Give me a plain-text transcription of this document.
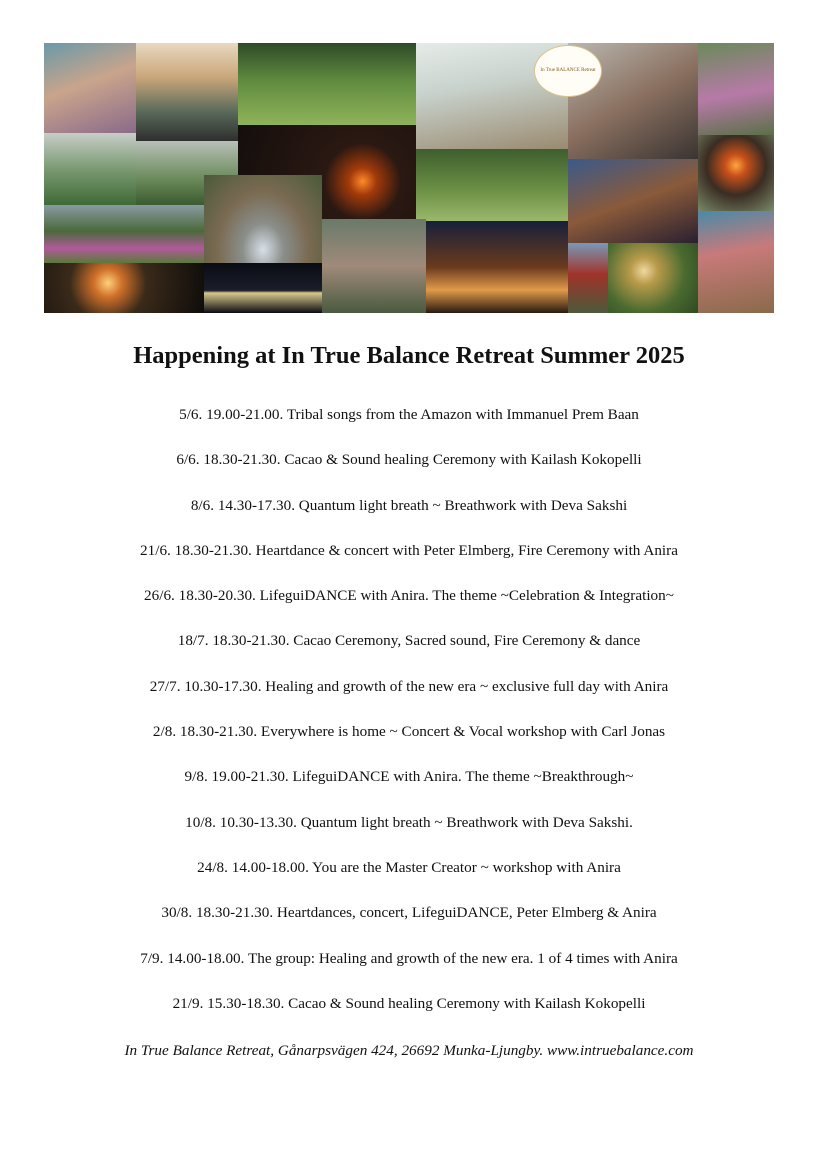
In True BALANCE Retreat
Happening at In True Balance Retreat Summer 2025
5/6. 19.00-21.00. Tribal songs from the Amazon with Immanuel Prem Baan
6/6. 18.30-21.30. Cacao & Sound healing Ceremony with Kailash Kokopelli
8/6. 14.30-17.30. Quantum light breath ~ Breathwork with Deva Sakshi
21/6. 18.30-21.30. Heartdance & concert with Peter Elmberg, Fire Ceremony with Anira
26/6. 18.30-20.30. LifeguiDANCE with Anira. The theme ~Celebration & Integration~
18/7. 18.30-21.30. Cacao Ceremony, Sacred sound, Fire Ceremony & dance
27/7. 10.30-17.30. Healing and growth of the new era ~ exclusive full day with Anira
2/8. 18.30-21.30. Everywhere is home ~ Concert & Vocal workshop with Carl Jonas
9/8. 19.00-21.30. LifeguiDANCE with Anira. The theme ~Breakthrough~
10/8. 10.30-13.30. Quantum light breath ~ Breathwork with Deva Sakshi.
24/8. 14.00-18.00. You are the Master Creator ~ workshop with Anira
30/8. 18.30-21.30. Heartdances, concert, LifeguiDANCE, Peter Elmberg & Anira
7/9. 14.00-18.00. The group: Healing and growth of the new era. 1 of 4 times with Anira
21/9. 15.30-18.30. Cacao & Sound healing Ceremony with Kailash Kokopelli
In True Balance Retreat, Gånarpsvägen 424, 26692 Munka-Ljungby. www.intruebalance.com
